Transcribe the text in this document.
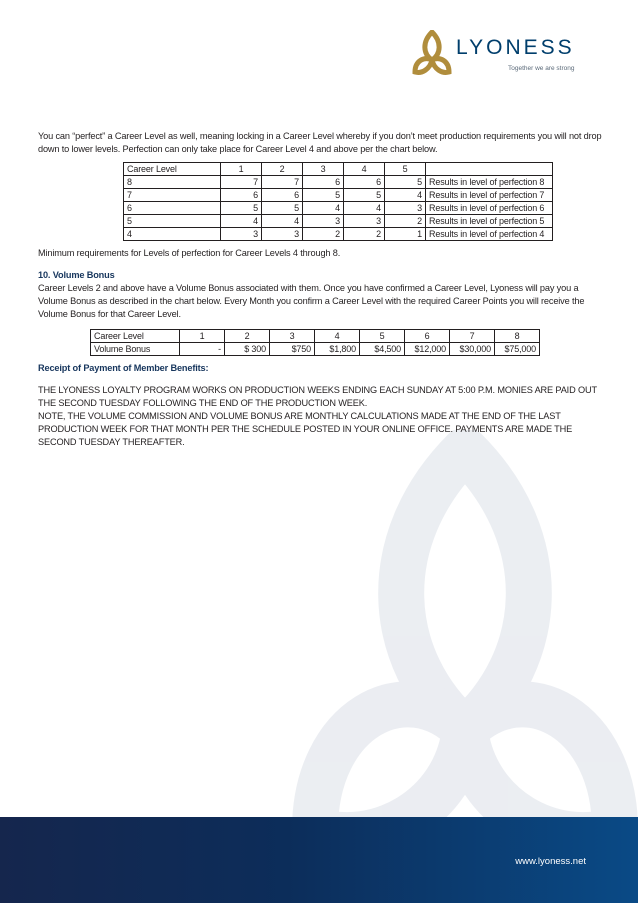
LYONESS
Together we are strong

You can “perfect” a Career Level as well, meaning locking in a Career Level whereby if you don’t meet production requirements you will not drop down to lower levels. Perfection can only take place for Career Level 4 and above per the chart below.

Career Level	1	2	3	4	5	
8	7	7	6	6	5	Results in level of perfection 8
7	6	6	5	5	4	Results in level of perfection 7
6	5	5	4	4	3	Results in level of perfection 6
5	4	4	3	3	2	Results in level of perfection 5
4	3	3	2	2	1	Results in level of perfection 4

Minimum requirements for Levels of perfection for Career Levels 4 through 8.

10. Volume Bonus

Career Levels 2 and above have a Volume Bonus associated with them. Once you have confirmed a Career Level, Lyoness will pay you a Volume Bonus as described in the chart below. Every Month you confirm a Career Level with the required Career Points you will receive the Volume Bonus for that Career Level.

Career Level	1	2	3	4	5	6	7	8
Volume Bonus	-	$ 300	$750	$1,800	$4,500	$12,000	$30,000	$75,000

Receipt of Payment of Member Benefits:

THE LYONESS LOYALTY PROGRAM WORKS ON PRODUCTION WEEKS ENDING EACH SUNDAY AT 5:00 P.M. MONIES ARE PAID OUT THE SECOND TUESDAY FOLLOWING THE END OF THE PRODUCTION WEEK.

NOTE, THE VOLUME COMMISSION AND VOLUME BONUS ARE MONTHLY CALCULATIONS MADE AT THE END OF THE LAST PRODUCTION WEEK FOR THAT MONTH PER THE SCHEDULE POSTED IN YOUR ONLINE OFFICE. PAYMENTS ARE MADE THE SECOND TUESDAY THEREAFTER.

www.lyoness.net
